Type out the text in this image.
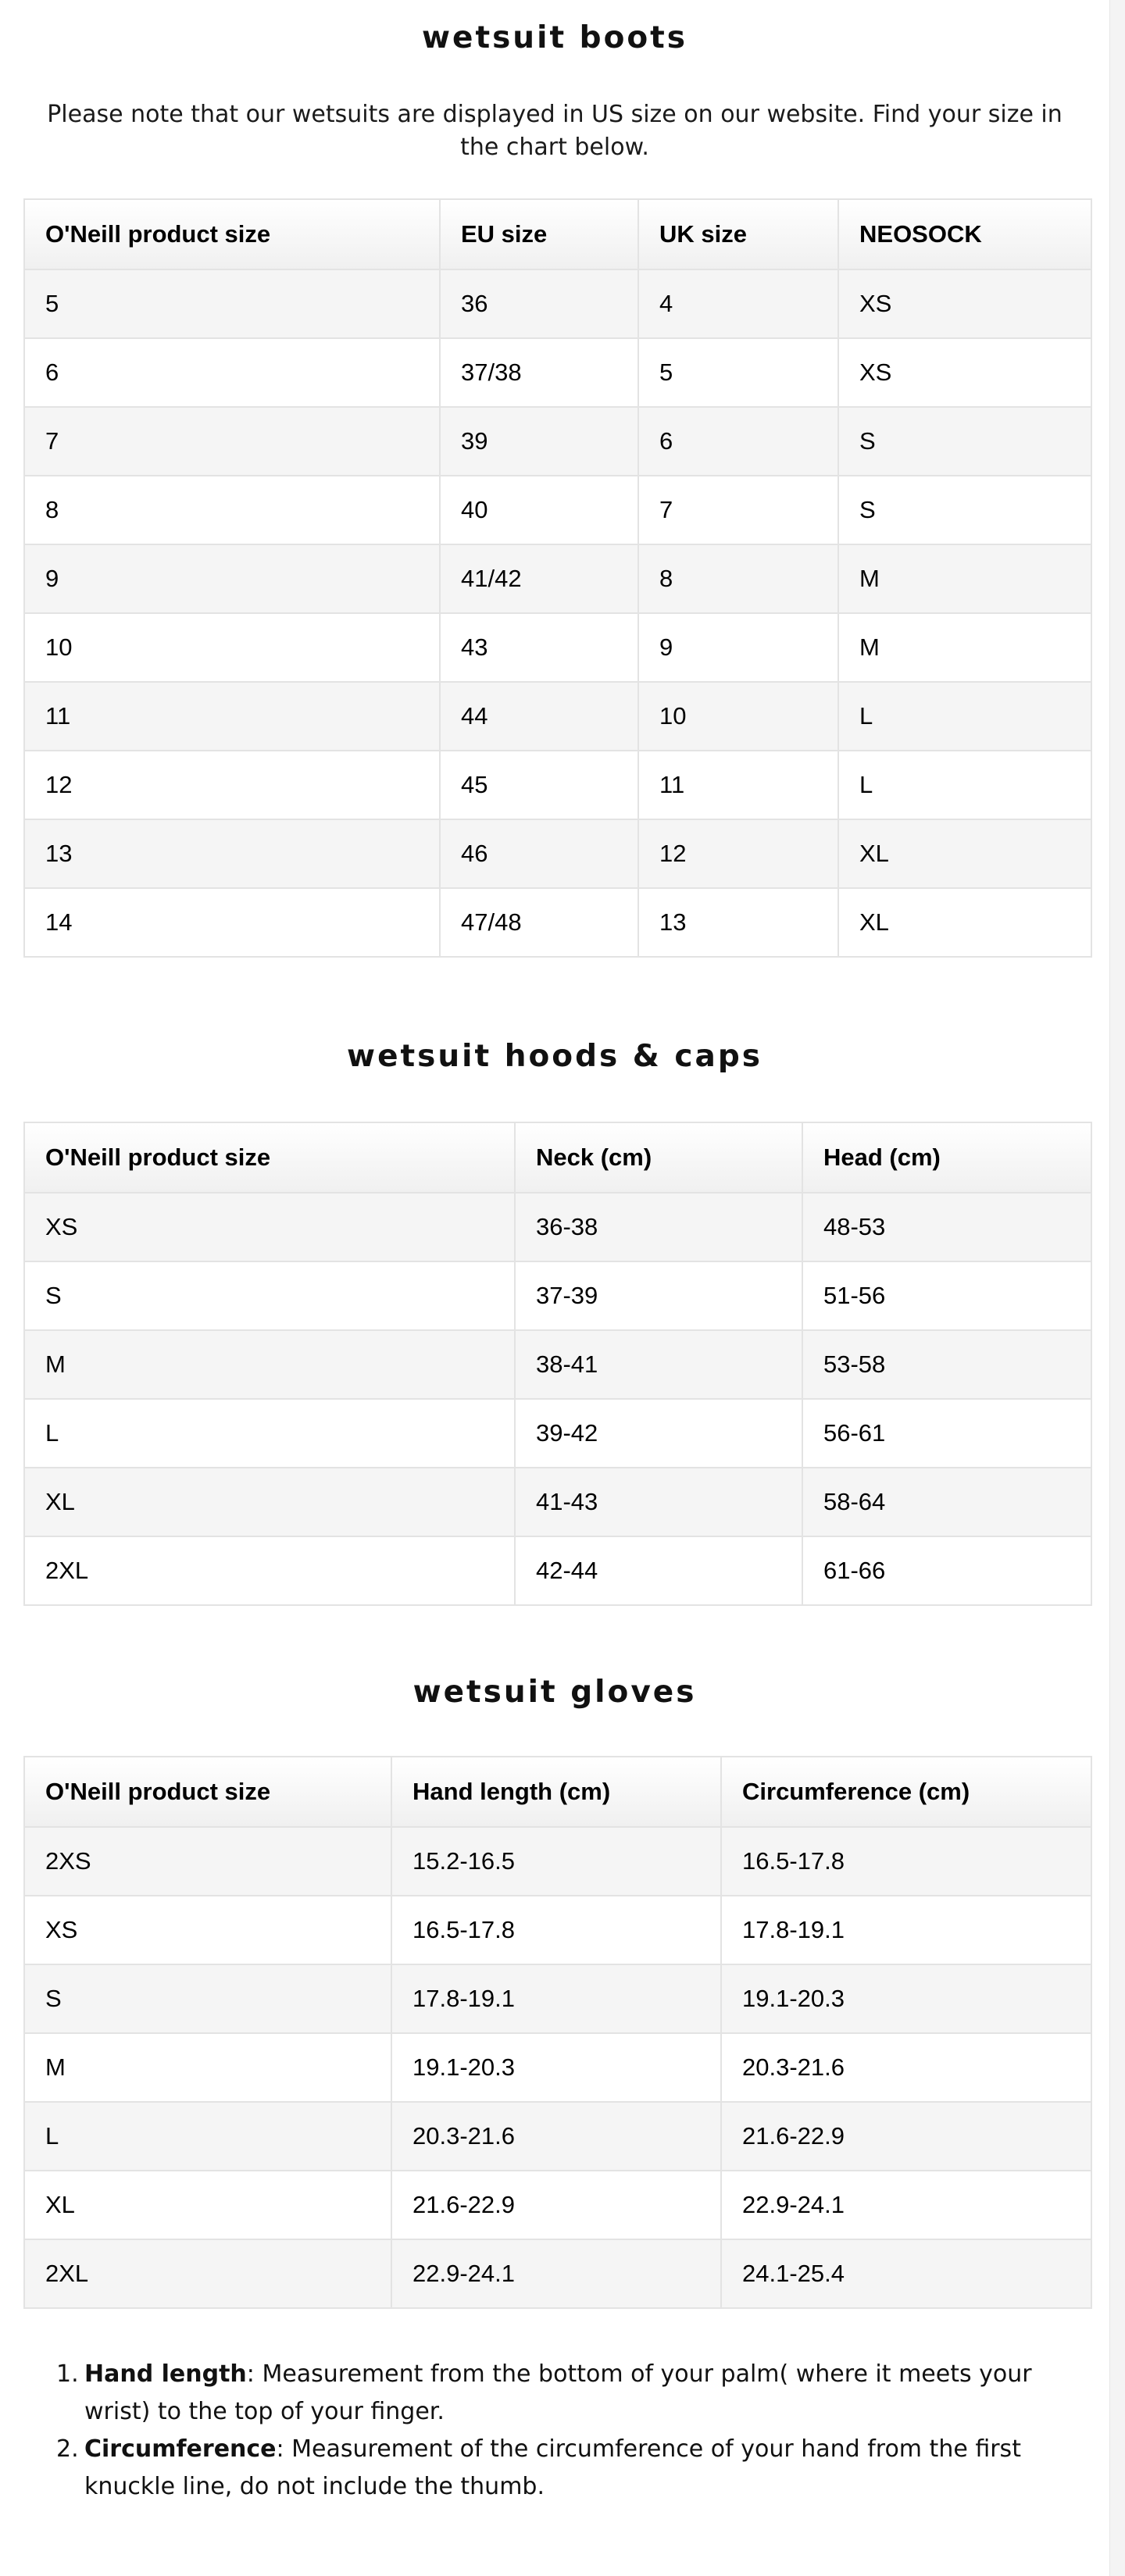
wetsuit boots

Please note that our wetsuits are displayed in US size on our website. Find your size in the chart below.

O'Neill product size	EU size	UK size	NEOSOCK
5	36	4	XS
6	37/38	5	XS
7	39	6	S
8	40	7	S
9	41/42	8	M
10	43	9	M
11	44	10	L
12	45	11	L
13	46	12	XL
14	47/48	13	XL
wetsuit hoods & caps
O'Neill product size	Neck (cm)	Head (cm)
XS	36-38	48-53
S	37-39	51-56
M	38-41	53-58
L	39-42	56-61
XL	41-43	58-64
2XL	42-44	61-66
wetsuit gloves
O'Neill product size	Hand length (cm)	Circumference (cm)
2XS	15.2-16.5	16.5-17.8
XS	16.5-17.8	17.8-19.1
S	17.8-19.1	19.1-20.3
M	19.1-20.3	20.3-21.6
L	20.3-21.6	21.6-22.9
XL	21.6-22.9	22.9-24.1
2XL	22.9-24.1	24.1-25.4
1. Hand length: Measurement from the bottom of your palm( where it meets your wrist) to the top of your finger.
2. Circumference: Measurement of the circumference of your hand from the first knuckle line, do not include the thumb.
